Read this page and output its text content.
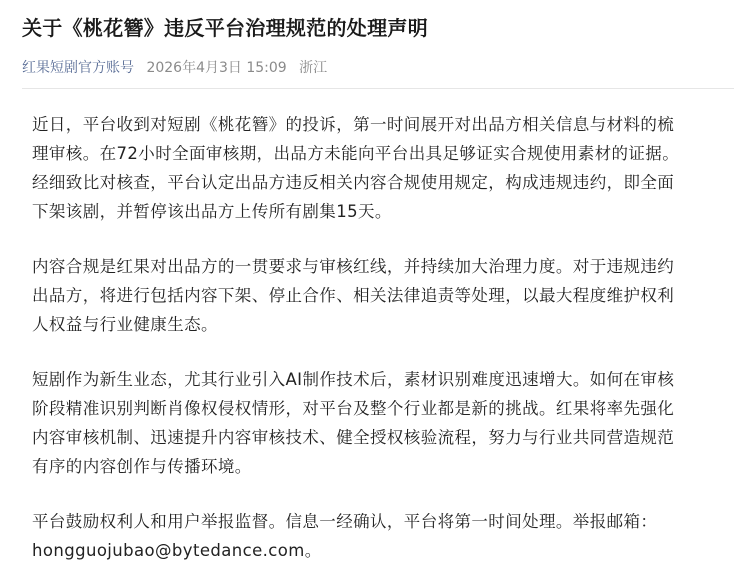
关于《桃花簪》违反平台治理规范的处理声明
红果短剧官方账号 2026年4月3日 15:09 浙江

近日，平台收到对短剧《桃花簪》的投诉，第一时间展开对出品方相关信息与材料的梳
理审核。在72小时全面审核期，出品方未能向平台出具足够证实合规使用素材的证据。
经细致比对核查，平台认定出品方违反相关内容合规使用规定，构成违规违约，即全面
下架该剧，并暂停该出品方上传所有剧集15天。

内容合规是红果对出品方的一贯要求与审核红线，并持续加大治理力度。对于违规违约
出品方，将进行包括内容下架、停止合作、相关法律追责等处理，以最大程度维护权利
人权益与行业健康生态。

短剧作为新生业态，尤其行业引入AI制作技术后，素材识别难度迅速增大。如何在审核
阶段精准识别判断肖像权侵权情形，对平台及整个行业都是新的挑战。红果将率先强化
内容审核机制、迅速提升内容审核技术、健全授权核验流程，努力与行业共同营造规范
有序的内容创作与传播环境。

平台鼓励权利人和用户举报监督。信息一经确认，平台将第一时间处理。举报邮箱：
hongguojubao@bytedance.com。
